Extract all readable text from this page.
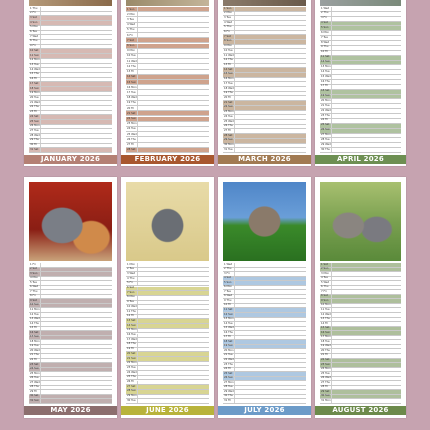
1 Thu
2 Fri
3 Sat
4 Sun
5 Mon
6 Tue
7 Wed
8 Thu
9 Fri
10 Sat
11 Sun
12 Mon
13 Tue
14 Wed
15 Thu
16 Fri
17 Sat
18 Sun
19 Mon
20 Tue
21 Wed
22 Thu
23 Fri
24 Sat
25 Sun
26 Mon
27 Tue
28 Wed
29 Thu
30 Fri
31 Sat
JANUARY 2026
1 Sun
2 Mon
3 Tue
4 Wed
5 Thu
6 Fri
7 Sat
8 Sun
9 Mon
10 Tue
11 Wed
12 Thu
13 Fri
14 Sat
15 Sun
16 Mon
17 Tue
18 Wed
19 Thu
20 Fri
21 Sat
22 Sun
23 Mon
24 Tue
25 Wed
26 Thu
27 Fri
28 Sat
FEBRUARY 2026
1 Sun
2 Mon
3 Tue
4 Wed
5 Thu
6 Fri
7 Sat
8 Sun
9 Mon
10 Tue
11 Wed
12 Thu
13 Fri
14 Sat
15 Sun
16 Mon
17 Tue
18 Wed
19 Thu
20 Fri
21 Sat
22 Sun
23 Mon
24 Tue
25 Wed
26 Thu
27 Fri
28 Sat
29 Sun
30 Mon
31 Tue
MARCH 2026
1 Wed
2 Thu
3 Fri
4 Sat
5 Sun
6 Mon
7 Tue
8 Wed
9 Thu
10 Fri
11 Sat
12 Sun
13 Mon
14 Tue
15 Wed
16 Thu
17 Fri
18 Sat
19 Sun
20 Mon
21 Tue
22 Wed
23 Thu
24 Fri
25 Sat
26 Sun
27 Mon
28 Tue
29 Wed
30 Thu
APRIL 2026
1 Fri
2 Sat
3 Sun
4 Mon
5 Tue
6 Wed
7 Thu
8 Fri
9 Sat
10 Sun
11 Mon
12 Tue
13 Wed
14 Thu
15 Fri
16 Sat
17 Sun
18 Mon
19 Tue
20 Wed
21 Thu
22 Fri
23 Sat
24 Sun
25 Mon
26 Tue
27 Wed
28 Thu
29 Fri
30 Sat
31 Sun
MAY 2026
1 Mon
2 Tue
3 Wed
4 Thu
5 Fri
6 Sat
7 Sun
8 Mon
9 Tue
10 Wed
11 Thu
12 Fri
13 Sat
14 Sun
15 Mon
16 Tue
17 Wed
18 Thu
19 Fri
20 Sat
21 Sun
22 Mon
23 Tue
24 Wed
25 Thu
26 Fri
27 Sat
28 Sun
29 Mon
30 Tue
JUNE 2026
1 Wed
2 Thu
3 Fri
4 Sat
5 Sun
6 Mon
7 Tue
8 Wed
9 Thu
10 Fri
11 Sat
12 Sun
13 Mon
14 Tue
15 Wed
16 Thu
17 Fri
18 Sat
19 Sun
20 Mon
21 Tue
22 Wed
23 Thu
24 Fri
25 Sat
26 Sun
27 Mon
28 Tue
29 Wed
30 Thu
31 Fri
JULY 2026
1 Sat
2 Sun
3 Mon
4 Tue
5 Wed
6 Thu
7 Fri
8 Sat
9 Sun
10 Mon
11 Tue
12 Wed
13 Thu
14 Fri
15 Sat
16 Sun
17 Mon
18 Tue
19 Wed
20 Thu
21 Fri
22 Sat
23 Sun
24 Mon
25 Tue
26 Wed
27 Thu
28 Fri
29 Sat
30 Sun
31 Mon
AUGUST 2026
